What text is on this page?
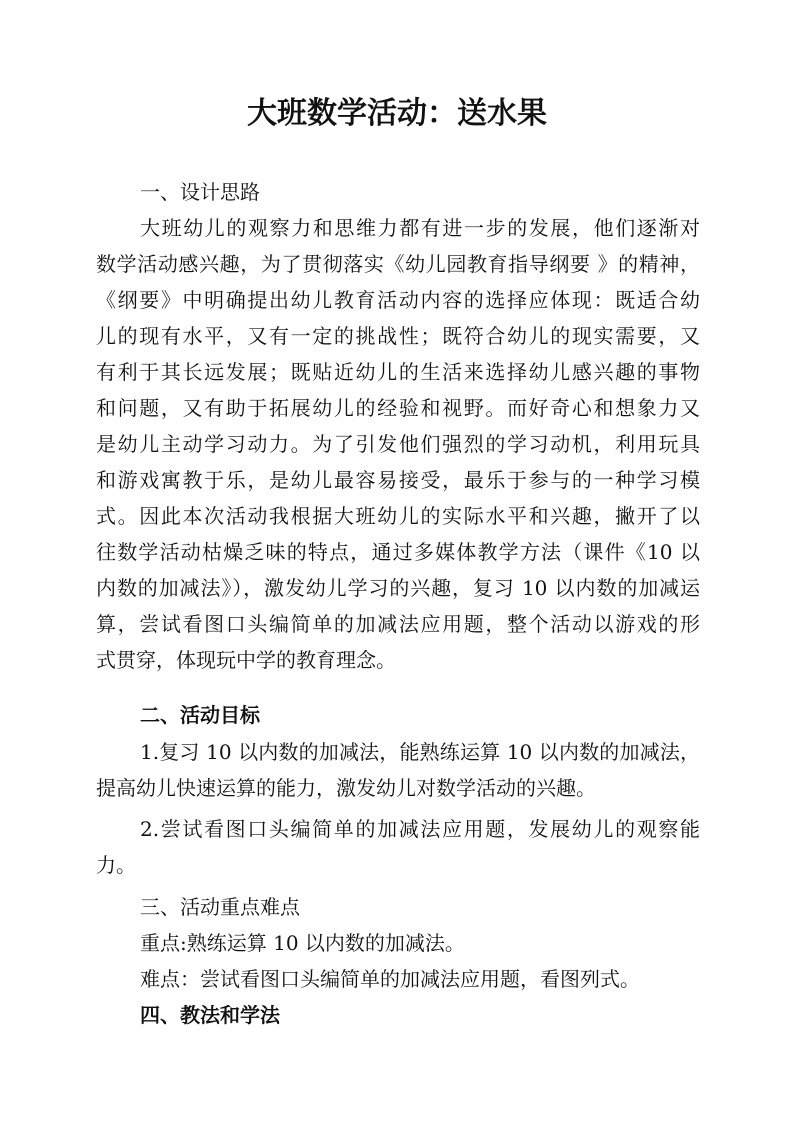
大班数学活动：送水果

一、设计思路

大班幼儿的观察力和思维力都有进一步的发展，他们逐渐对

数学活动感兴趣，为了贯彻落实《幼儿园教育指导纲要 》的精神，

《纲要》中明确提出幼儿教育活动内容的选择应体现：既适合幼

儿的现有水平，又有一定的挑战性；既符合幼儿的现实需要，又

有利于其长远发展；既贴近幼儿的生活来选择幼儿感兴趣的事物

和问题，又有助于拓展幼儿的经验和视野。而好奇心和想象力又

是幼儿主动学习动力。为了引发他们强烈的学习动机，利用玩具

和游戏寓教于乐，是幼儿最容易接受，最乐于参与的一种学习模

式。因此本次活动我根据大班幼儿的实际水平和兴趣，撇开了以

往数学活动枯燥乏味的特点，通过多媒体教学方法（课件《10 以

内数的加减法》），激发幼儿学习的兴趣，复习 10 以内数的加减运

算，尝试看图口头编简单的加减法应用题，整个活动以游戏的形

式贯穿，体现玩中学的教育理念。

二、活动目标

1.复习 10 以内数的加减法，能熟练运算 10 以内数的加减法，

提高幼儿快速运算的能力，激发幼儿对数学活动的兴趣。

2.尝试看图口头编简单的加减法应用题，发展幼儿的观察能

力。

三、活动重点难点

重点:熟练运算 10 以内数的加减法。

难点：尝试看图口头编简单的加减法应用题，看图列式。

四、教法和学法
